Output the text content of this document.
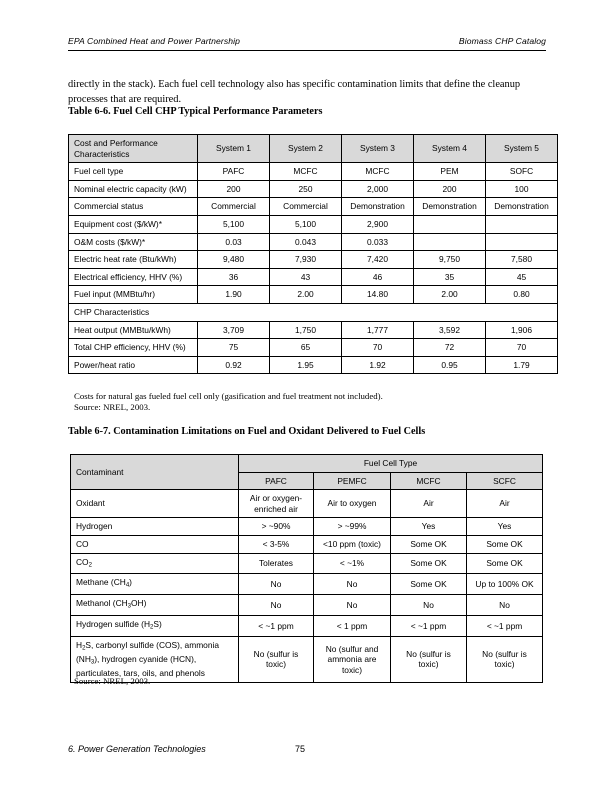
EPA Combined Heat and Power Partnership	Biomass CHP Catalog

directly in the stack). Each fuel cell technology also has specific contamination limits that define the cleanup processes that are required.

Table 6-6. Fuel Cell CHP Typical Performance Parameters
Cost and Performance Characteristics	System 1	System 2	System 3	System 4	System 5
Fuel cell type	PAFC	MCFC	MCFC	PEM	SOFC
Nominal electric capacity (kW)	200	250	2,000	200	100
Commercial status	Commercial	Commercial	Demonstration	Demonstration	Demonstration
Equipment cost ($/kW)*	5,100	5,100	2,900		
O&M costs ($/kW)*	0.03	0.043	0.033		
Electric heat rate (Btu/kWh)	9,480	7,930	7,420	9,750	7,580
Electrical efficiency, HHV (%)	36	43	46	35	45
Fuel input (MMBtu/hr)	1.90	2.00	14.80	2.00	0.80
CHP Characteristics					
Heat output (MMBtu/kWh)	3,709	1,750	1,777	3,592	1,906
Total CHP efficiency, HHV (%)	75	65	70	72	70
Power/heat ratio	0.92	1.95	1.92	0.95	1.79
Costs for natural gas fueled fuel cell only (gasification and fuel treatment not included).
Source: NREL, 2003.
Table 6-7. Contamination Limitations on Fuel and Oxidant Delivered to Fuel Cells
Contaminant	Fuel Cell Type			
	PAFC	PEMFC	MCFC	SCFC
Oxidant	Air or oxygen-enriched air	Air to oxygen	Air	Air
Hydrogen	> ~90%	> ~99%	Yes	Yes
CO	< 3-5%	<10 ppm (toxic)	Some OK	Some OK
$CO_2$	Tolerates	< ~1%	Some OK	Some OK
Methane $(CH_4)$	No	No	Some OK	Up to 100% OK
Methanol $(CH_3OH)$	No	No	No	No
Hydrogen sulfide $(H_2S)$	< ~1 ppm	< 1 ppm	< ~1 ppm	< ~1 ppm
$H_2S$, carbonyl sulfide (COS), ammonia $(NH_3)$, hydrogen cyanide (HCN), particulates, tars, oils, and phenols	No (sulfur is toxic)	No (sulfur and ammonia are toxic)	No (sulfur is toxic)	No (sulfur is toxic)
Source: NREL, 2003.
6. Power Generation Technologies	75
